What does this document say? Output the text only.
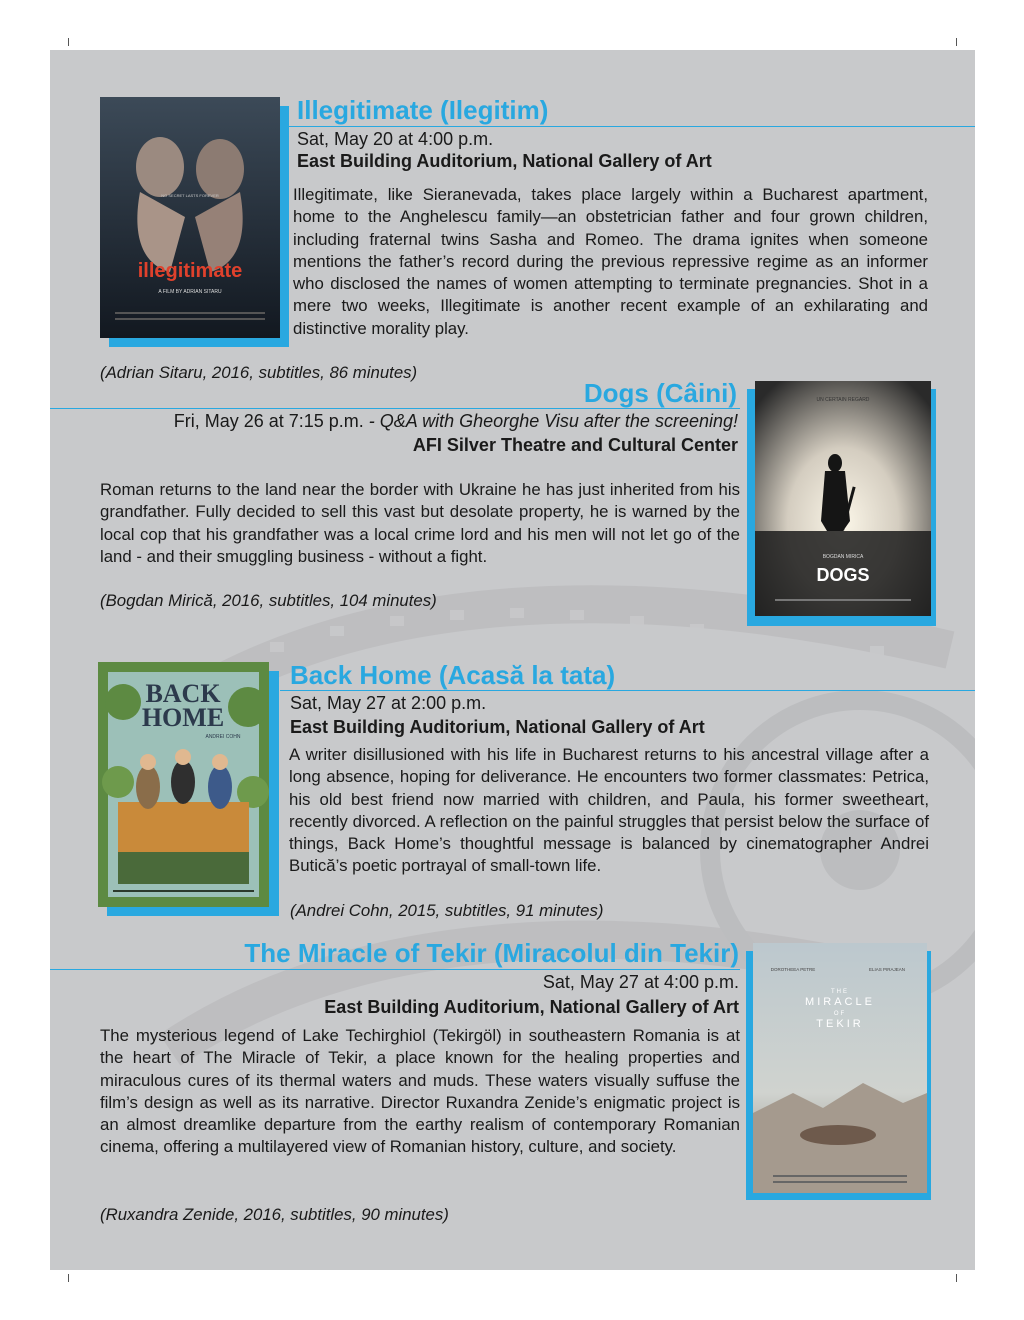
illegitimate
A FILM BY ADRIAN SITARU
NO SECRET LASTS FOREVER
Illegitimate (Ilegitim)
Sat, May 20 at 4:00 p.m.
East Building Auditorium, National Gallery of Art

Illegitimate, like Sieranevada, takes place largely within a Bucharest apartment, home to the Anghelescu family—an obstetrician father and four grown children, including fraternal twins Sasha and Romeo. The drama ignites when someone mentions the father’s record during the previous repressive regime as an informer who disclosed the names of women attempting to terminate pregnancies. Shot in a mere two weeks, Illegitimate is another recent example of an exhilarating and distinctive morality play.

(Adrian Sitaru, 2016, subtitles, 86 minutes)
Dogs (Câini)
Fri, May 26 at 7:15 p.m. - Q&A with Gheorghe Visu after the screening!
AFI Silver Theatre and Cultural Center

Roman returns to the land near the border with Ukraine he has just inherited from his grandfather. Fully decided to sell this vast but desolate property, he is warned by the local cop that his grandfather was a local crime lord and his men will not let go of the land - and their smuggling business - without a fight.

(Bogdan Mirică, 2016, subtitles, 104 minutes)
UN CERTAIN REGARD
BOGDAN MIRICA
DOGS
BACK
HOME
ANDREI COHN
Back Home (Acasă la tata)
Sat, May 27 at 2:00 p.m.
East Building Auditorium, National Gallery of Art

A writer disillusioned with his life in Bucharest returns to his ancestral village after a long absence, hoping for deliverance. He encounters two former classmates: Petrica, his old best friend now married with children, and Paula, his former sweetheart, recently divorced. A reflection on the painful struggles that persist below the surface of things, Back Home’s thoughtful message is balanced by cinematographer Andrei Butică’s poetic portrayal of small-town life.

(Andrei Cohn, 2015, subtitles, 91 minutes)
The Miracle of Tekir (Miracolul din Tekir)
Sat, May 27 at 4:00 p.m.
East Building Auditorium, National Gallery of Art

The mysterious legend of Lake Techirghiol (Tekirgöl) in southeastern Romania is at the heart of The Miracle of Tekir, a place known for the healing properties and miraculous cures of its thermal waters and muds. These waters visually suffuse the film’s design as well as its narrative. Director Ruxandra Zenide’s enigmatic project is an almost dreamlike departure from the earthy realism of contemporary Romanian cinema, offering a multilayered view of Romanian history, culture, and society.

(Ruxandra Zenide, 2016, subtitles, 90 minutes)
DOROTHEEA PETRE	ELIAS PIRAJEAN
THE
MIRACLE
OF
TEKIR
